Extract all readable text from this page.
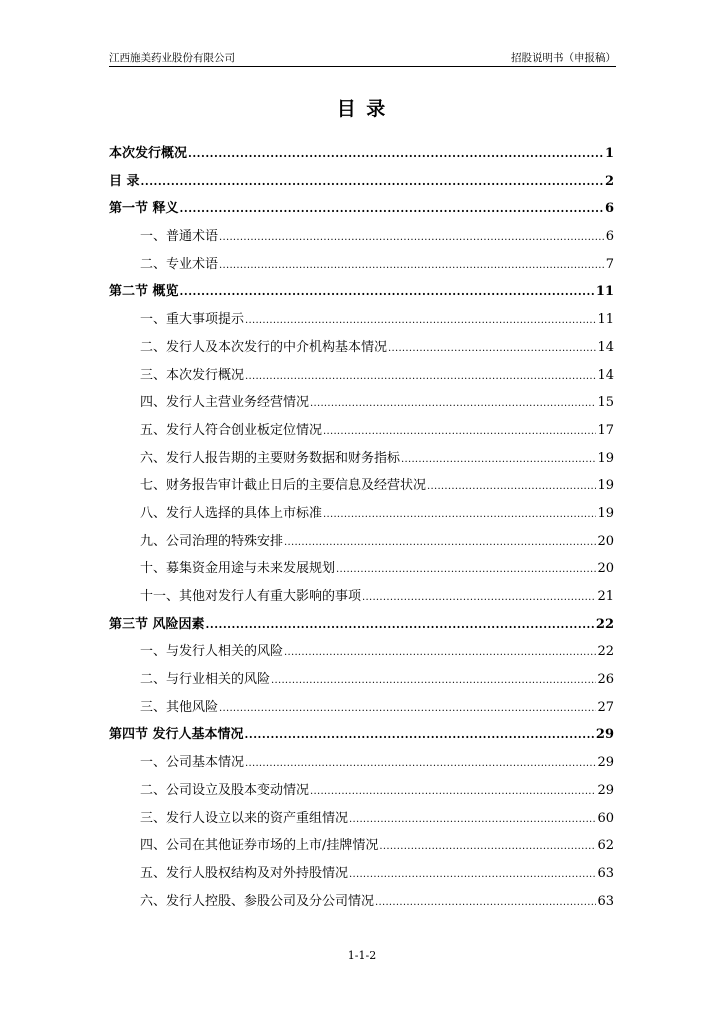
江西施美药业股份有限公司	招股说明书（申报稿）
目 录
本次发行概况 .....	1
目 录 .....	2
第一节 释义 .....	6
一、普通术语 .....	6
二、专业术语 .....	7
第二节 概览 .....	11
一、重大事项提示 .....	11
二、发行人及本次发行的中介机构基本情况 .....	14
三、本次发行概况 .....	14
四、发行人主营业务经营情况 .....	15
五、发行人符合创业板定位情况 .....	17
六、发行人报告期的主要财务数据和财务指标 .....	19
七、财务报告审计截止日后的主要信息及经营状况 .....	19
八、发行人选择的具体上市标准 .....	19
九、公司治理的特殊安排 .....	20
十、募集资金用途与未来发展规划 .....	20
十一、其他对发行人有重大影响的事项 .....	21
第三节 风险因素 .....	22
一、与发行人相关的风险 .....	22
二、与行业相关的风险 .....	26
三、其他风险 .....	27
第四节 发行人基本情况 .....	29
一、公司基本情况 .....	29
二、公司设立及股本变动情况 .....	29
三、发行人设立以来的资产重组情况 .....	60
四、公司在其他证券市场的上市/挂牌情况 .....	62
五、发行人股权结构及对外持股情况 .....	63
六、发行人控股、参股公司及分公司情况 .....	63
1-1-2
